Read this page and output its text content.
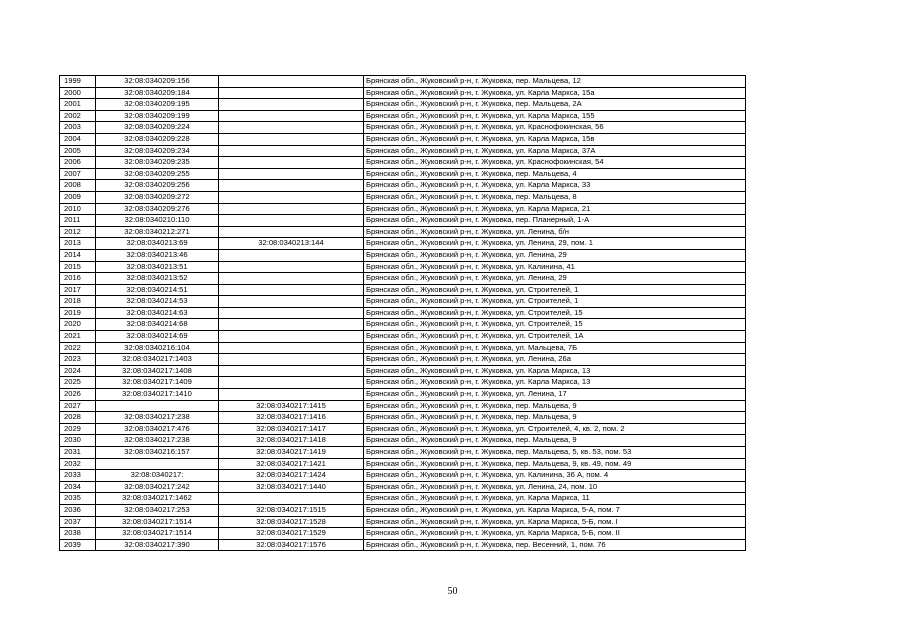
1999	32:08:0340209:156		Брянская обл., Жуковский р-н, г. Жуковка, пер. Мальцева, 12
2000	32:08:0340209:184		Брянская обл., Жуковский р-н, г. Жуковка, ул. Карла Маркса, 15а
2001	32:08:0340209:195		Брянская обл., Жуковский р-н, г. Жуковка, пер. Мальцева, 2А
2002	32:08:0340209:199		Брянская обл., Жуковский р-н, г. Жуковка, ул. Карла Маркса, 155
2003	32:08:0340209:224		Брянская обл., Жуковский р-н, г. Жуковка, ул. Краснофокинская, 56
2004	32:08:0340209:228		Брянская обл., Жуковский р-н, г. Жуковка, ул. Карла Маркса, 15в
2005	32:08:0340209:234		Брянская обл., Жуковский р-н, г. Жуковка, ул. Карла Маркса, 37А
2006	32:08:0340209:235		Брянская обл., Жуковский р-н, г. Жуковка, ул. Краснофокинская, 54
2007	32:08:0340209:255		Брянская обл., Жуковский р-н, г. Жуковка, пер. Мальцева, 4
2008	32:08:0340209:256		Брянская обл., Жуковский р-н, г. Жуковка, ул. Карла Маркса, 33
2009	32:08:0340209:272		Брянская обл., Жуковский р-н, г. Жуковка, пер. Мальцева, 8
2010	32:08:0340209:276		Брянская обл., Жуковский р-н, г. Жуковка, ул. Карла Маркса, 21
2011	32:08:0340210:110		Брянская обл., Жуковский р-н, г. Жуковка, пер. Планерный, 1-А
2012	32:08:0340212:271		Брянская обл., Жуковский р-н, г. Жуковка, ул. Ленина, б/н
2013	32:08:0340213:69	32:08:0340213:144	Брянская обл., Жуковский р-н, г. Жуковка, ул. Ленина, 29, пом. 1
2014	32:08:0340213:46		Брянская обл., Жуковский р-н, г. Жуковка, ул. Ленина, 29
2015	32:08:0340213:51		Брянская обл., Жуковский р-н, г. Жуковка, ул. Калинина, 41
2016	32:08:0340213:52		Брянская обл., Жуковский р-н, г. Жуковка, ул. Ленина, 29
2017	32:08:0340214:51		Брянская обл., Жуковский р-н, г. Жуковка, ул. Строителей, 1
2018	32:08:0340214:53		Брянская обл., Жуковский р-н, г. Жуковка, ул. Строителей, 1
2019	32:08:0340214:63		Брянская обл., Жуковский р-н, г. Жуковка, ул. Строителей, 15
2020	32:08:0340214:68		Брянская обл., Жуковский р-н, г. Жуковка, ул. Строителей, 15
2021	32:08:0340214:69		Брянская обл., Жуковский р-н, г. Жуковка, ул. Строителей, 1А
2022	32:08:0340216:104		Брянская обл., Жуковский р-н, г. Жуковка, ул. Мальцева, 7Б
2023	32:08:0340217:1403		Брянская обл., Жуковский р-н, г. Жуковка, ул. Ленина, 26а
2024	32:08:0340217:1408		Брянская обл., Жуковский р-н, г. Жуковка, ул. Карла Маркса, 13
2025	32:08:0340217:1409		Брянская обл., Жуковский р-н, г. Жуковка, ул. Карла Маркса, 13
2026	32:08:0340217:1410		Брянская обл., Жуковский р-н, г. Жуковка, ул. Ленина, 17
2027		32:08:0340217:1415	Брянская обл., Жуковский р-н, г. Жуковка, пер. Мальцева, 9
2028	32:08:0340217:238	32:08:0340217:1416	Брянская обл., Жуковский р-н, г. Жуковка, пер. Мальцева, 9
2029	32:08:0340217:476	32:08:0340217:1417	Брянская обл., Жуковский р-н, г. Жуковка, ул. Строителей, 4, кв. 2, пом. 2
2030	32:08:0340217:238	32:08:0340217:1418	Брянская обл., Жуковский р-н, г. Жуковка, пер. Мальцева, 9
2031	32:08:0340216:157	32:08:0340217:1419	Брянская обл., Жуковский р-н, г. Жуковка, пер. Мальцева, 5, кв. 53, пом. 53
2032		32:08:0340217:1421	Брянская обл., Жуковский р-н, г. Жуковка, пер. Мальцева, 9, кв. 49, пом. 49
2033	32:08:0340217:	32:08:0340217:1424	Брянская обл., Жуковский р-н, г. Жуковка, ул. Калинина, 36 А, пом. 4
2034	32:08:0340217:242	32:08:0340217:1440	Брянская обл., Жуковский р-н, г. Жуковка, ул. Ленина, 24, пом. 10
2035	32:08:0340217:1462		Брянская обл., Жуковский р-н, г. Жуковка, ул. Карла Маркса, 11
2036	32:08:0340217:253	32:08:0340217:1515	Брянская обл., Жуковский р-н, г. Жуковка, ул. Карла Маркса, 5-А, пом. 7
2037	32:08:0340217:1514	32:08:0340217:1528	Брянская обл., Жуковский р-н, г. Жуковка, ул. Карла Маркса, 5-Б, пом. I
2038	32:08:0340217:1514	32:08:0340217:1529	Брянская обл., Жуковский р-н, г. Жуковка, ул. Карла Маркса, 5-Б, пом. II
2039	32:08:0340217:390	32:08:0340217:1576	Брянская обл., Жуковский р-н, г. Жуковка, пер. Весенний, 1, пом. 76
50
